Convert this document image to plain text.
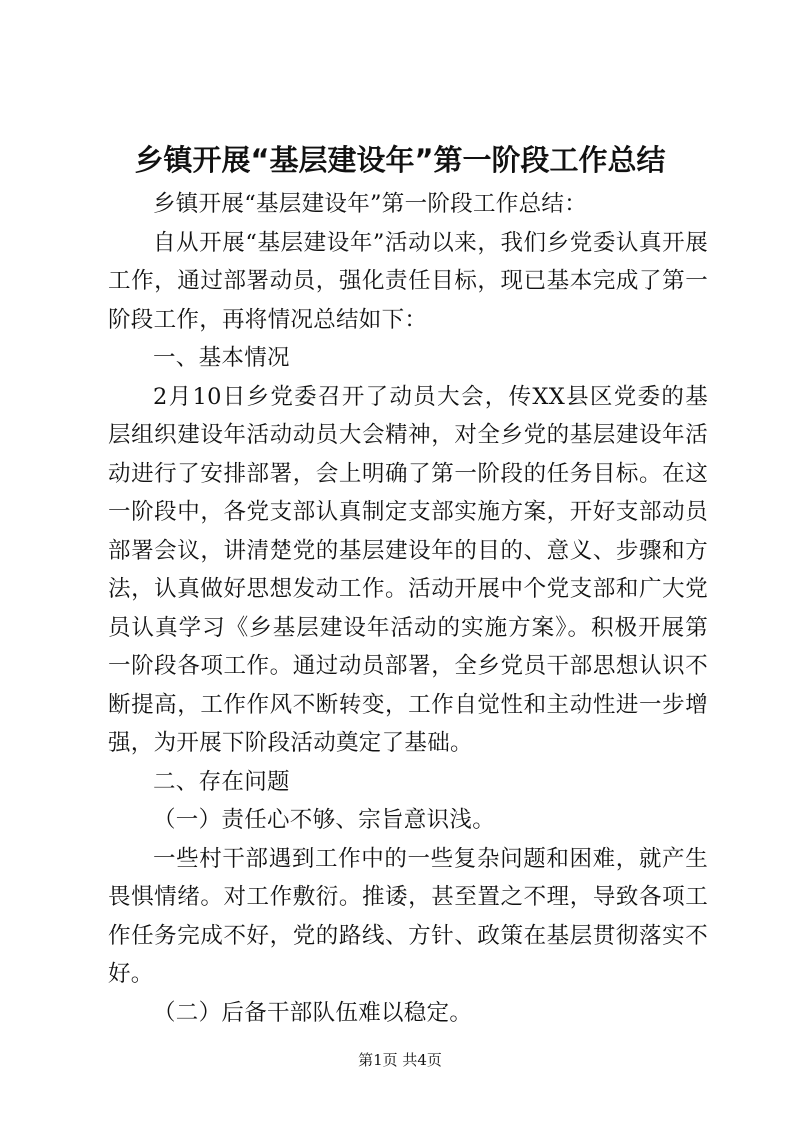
乡镇开展“基层建设年”第一阶段工作总结

乡镇开展“基层建设年”第一阶段工作总结：

自从开展“基层建设年”活动以来，我们乡党委认真开展工作，通过部署动员，强化责任目标，现已基本完成了第一阶段工作，再将情况总结如下：

一、基本情况

2月10日乡党委召开了动员大会，传XX县区党委的基层组织建设年活动动员大会精神，对全乡党的基层建设年活动进行了安排部署，会上明确了第一阶段的任务目标。在这一阶段中，各党支部认真制定支部实施方案，开好支部动员部署会议，讲清楚党的基层建设年的目的、意义、步骤和方法，认真做好思想发动工作。活动开展中个党支部和广大党员认真学习《乡基层建设年活动的实施方案》。积极开展第一阶段各项工作。通过动员部署，全乡党员干部思想认识不断提高，工作作风不断转变，工作自觉性和主动性进一步增强，为开展下阶段活动奠定了基础。

二、存在问题

（一）责任心不够、宗旨意识浅。

一些村干部遇到工作中的一些复杂问题和困难，就产生畏惧情绪。对工作敷衍。推诿，甚至置之不理，导致各项工作任务完成不好，党的路线、方针、政策在基层贯彻落实不好。

（二）后备干部队伍难以稳定。

第1页 共4页
